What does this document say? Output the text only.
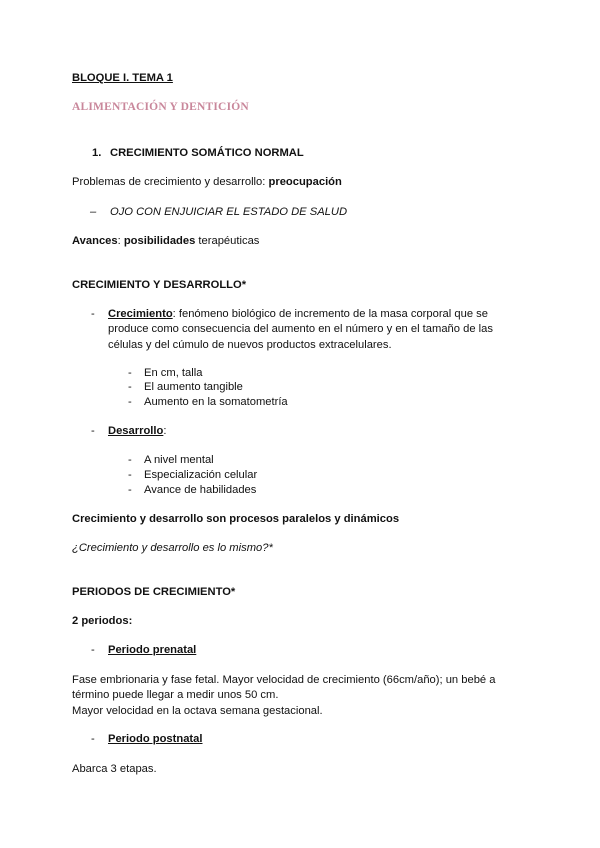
BLOQUE I. TEMA 1
ALIMENTACIÓN Y DENTICIÓN
1. CRECIMIENTO SOMÁTICO NORMAL
Problemas de crecimiento y desarrollo: preocupación
– OJO CON ENJUICIAR EL ESTADO DE SALUD
Avances: posibilidades terapéuticas
CRECIMIENTO Y DESARROLLO*
- Crecimiento: fenómeno biológico de incremento de la masa corporal que se
produce como consecuencia del aumento en el número y en el tamaño de las
células y del cúmulo de nuevos productos extracelulares.
- En cm, talla
- El aumento tangible
- Aumento en la somatometría
- Desarrollo:
- A nivel mental
- Especialización celular
- Avance de habilidades
Crecimiento y desarrollo son procesos paralelos y dinámicos
¿Crecimiento y desarrollo es lo mismo?*
PERIODOS DE CRECIMIENTO*
2 periodos:
- Periodo prenatal
Fase embrionaria y fase fetal. Mayor velocidad de crecimiento (66cm/año); un bebé a
término puede llegar a medir unos 50 cm.
Mayor velocidad en la octava semana gestacional.
- Periodo postnatal
Abarca 3 etapas.
